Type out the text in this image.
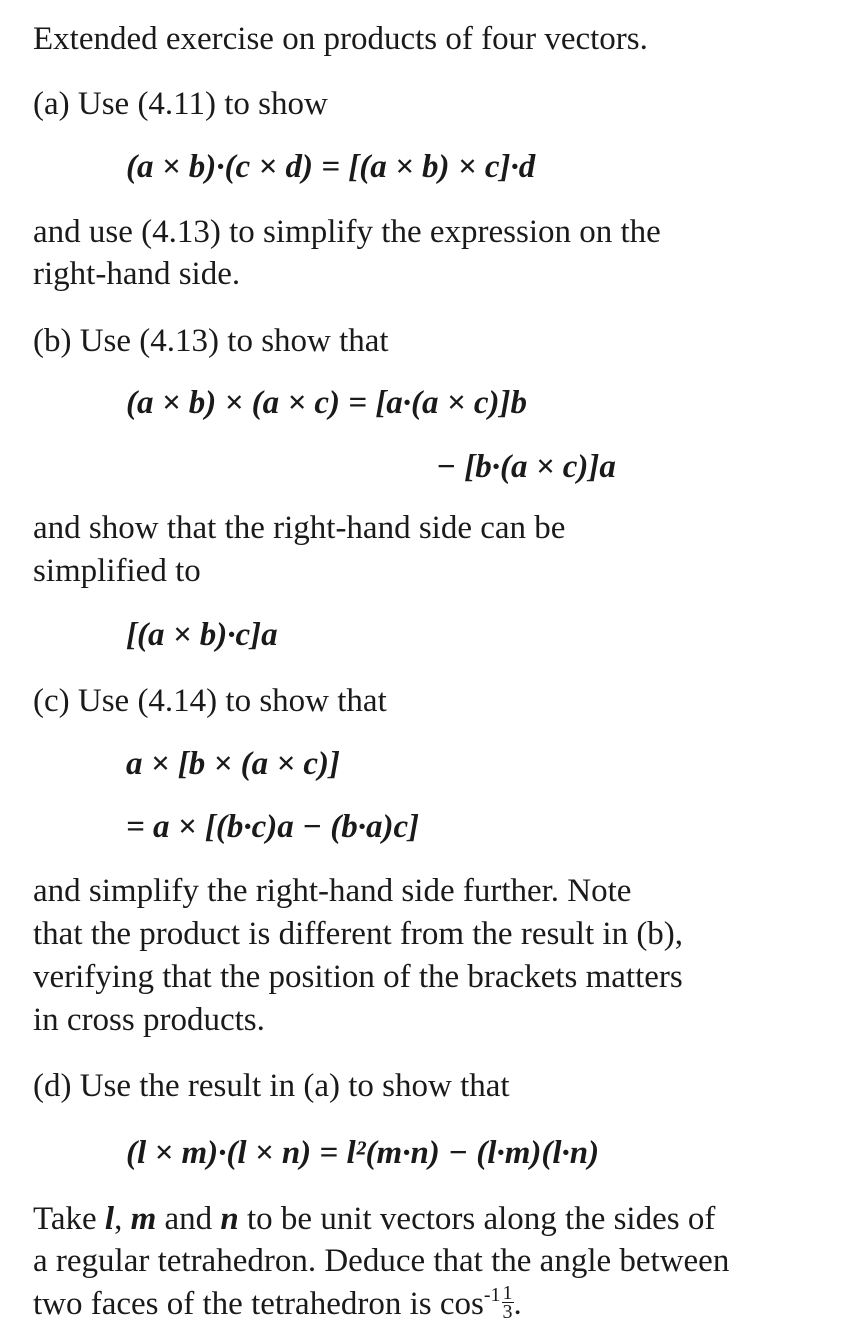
Extended exercise on products of four vectors.
(a) Use (4.11) to show
(a × b)·(c × d) = [(a × b) × c]·d
and use (4.13) to simplify the expression on the
right-hand side.
(b) Use (4.13) to show that
(a × b) × (a × c) = [a·(a × c)]b
− [b·(a × c)]a
and show that the right-hand side can be
simplified to
[(a × b)·c]a
(c) Use (4.14) to show that
a × [b × (a × c)]
= a × [(b·c)a − (b·a)c]
and simplify the right-hand side further. Note
that the product is different from the result in (b),
verifying that the position of the brackets matters
in cross products.
(d) Use the result in (a) to show that
(l × m)·(l × n) = l²(m·n) − (l·m)(l·n)
Take l, m and n to be unit vectors along the sides of
a regular tetrahedron. Deduce that the angle between
two faces of the tetrahedron is $\cos^{-1} \frac{1}{3}$ .
